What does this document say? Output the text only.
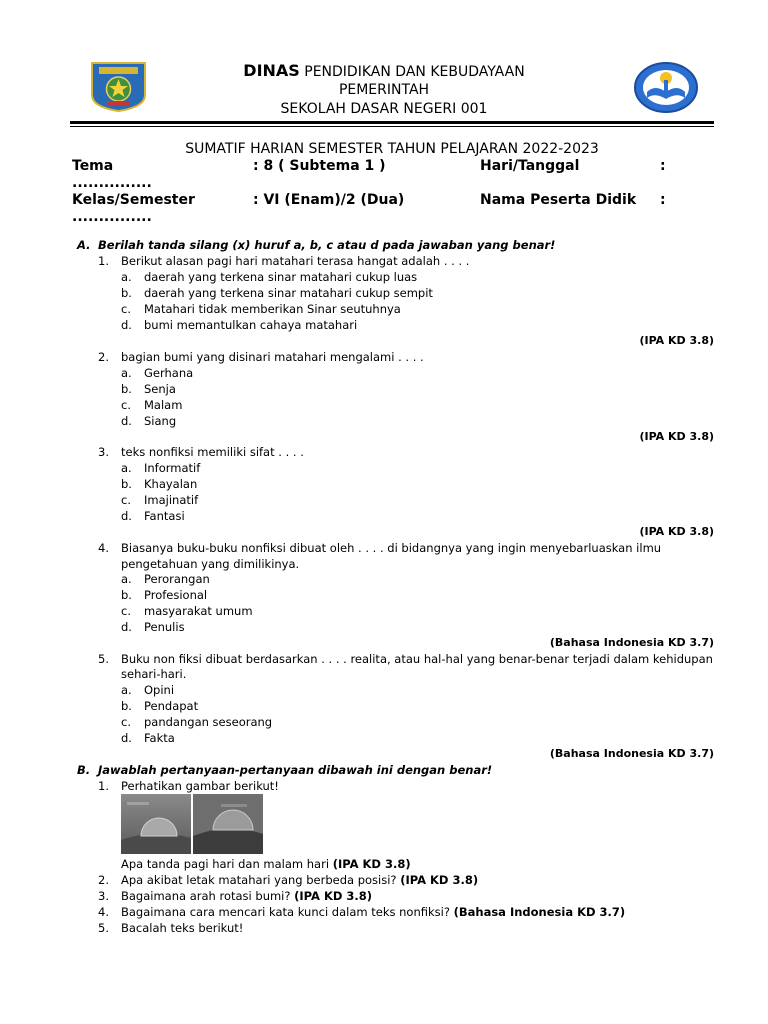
DINAS PENDIDIKAN DAN KEBUDAYAAN
PEMERINTAH
SEKOLAH DASAR NEGERI 001
SUMATIF HARIAN SEMESTER TAHUN PELAJARAN 2022-2023
Tema	: 8 ( Subtema 1 )	Hari/Tanggal	:
...............
Kelas/Semester	: VI (Enam)/2 (Dua)	Nama Peserta Didik :
...............
A. Berilah tanda silang (x) huruf a, b, c atau d pada jawaban yang benar!
1. Berikut alasan pagi hari matahari terasa hangat adalah . . . .
a. daerah yang terkena sinar matahari cukup luas
b. daerah yang terkena sinar matahari cukup sempit
c. Matahari tidak memberikan Sinar seutuhnya
d. bumi memantulkan cahaya matahari
(IPA KD 3.8)
2. bagian bumi yang disinari matahari mengalami . . . .
a. Gerhana
b. Senja
c. Malam
d. Siang
(IPA KD 3.8)
3. teks nonfiksi memiliki sifat . . . .
a. Informatif
b. Khayalan
c. Imajinatif
d. Fantasi
(IPA KD 3.8)
4. Biasanya buku-buku nonfiksi dibuat oleh . . . . di bidangnya yang ingin menyebarluaskan ilmu
pengetahuan yang dimilikinya.
a. Perorangan
b. Profesional
c. masyarakat umum
d. Penulis
(Bahasa Indonesia KD 3.7)
5. Buku non fiksi dibuat berdasarkan . . . . realita, atau hal-hal yang benar-benar terjadi dalam kehidupan
sehari-hari.
a. Opini
b. Pendapat
c. pandangan seseorang
d. Fakta
(Bahasa Indonesia KD 3.7)
B. Jawablah pertanyaan-pertanyaan dibawah ini dengan benar!
1. Perhatikan gambar berikut!
Apa tanda pagi hari dan malam hari (IPA KD 3.8)
2. Apa akibat letak matahari yang berbeda posisi? (IPA KD 3.8)
3. Bagaimana arah rotasi bumi? (IPA KD 3.8)
4. Bagaimana cara mencari kata kunci dalam teks nonfiksi? (Bahasa Indonesia KD 3.7)
5. Bacalah teks berikut!
